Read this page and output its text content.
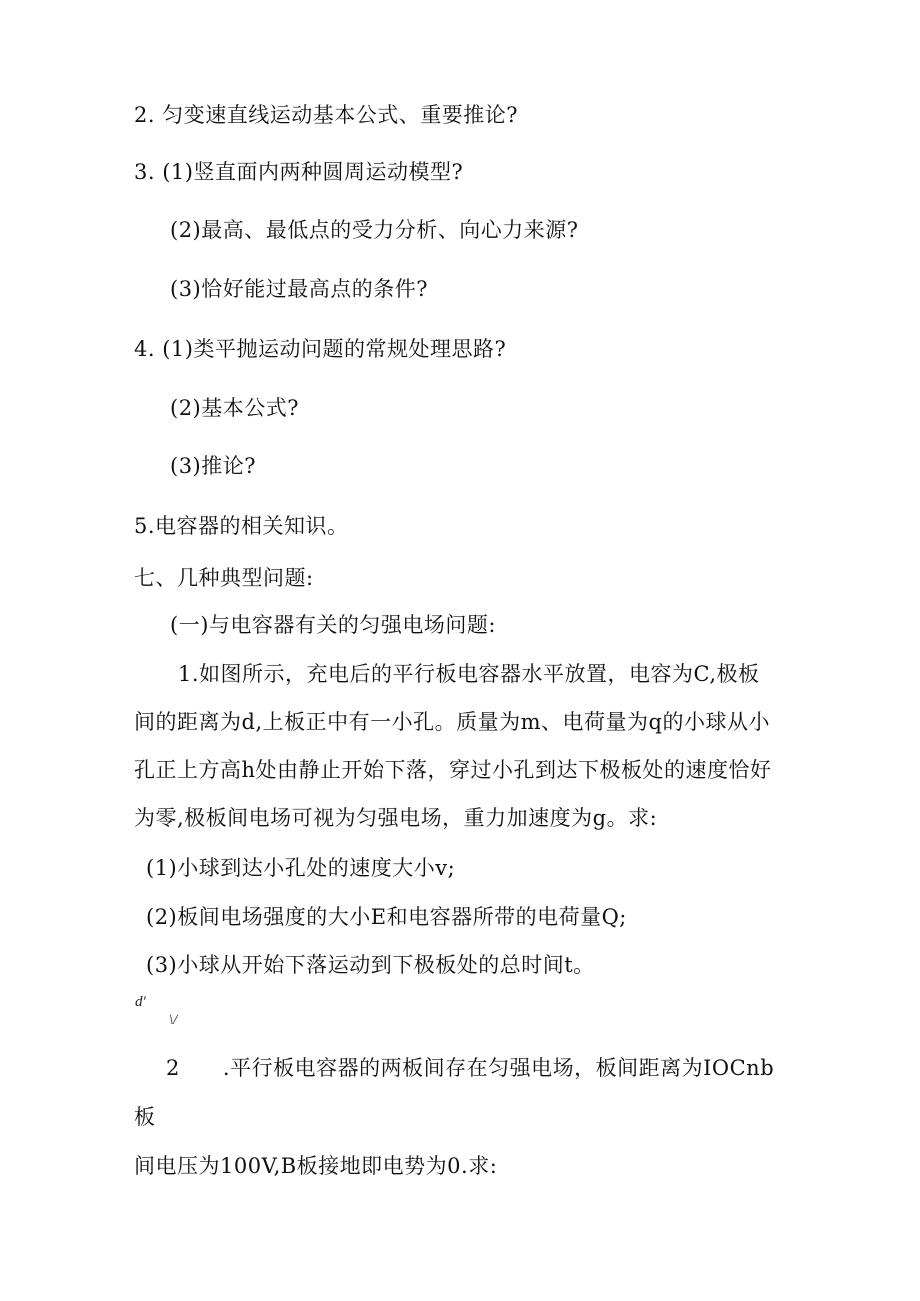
2. 匀变速直线运动基本公式、重要推论?
3. (1)竖直面内两种圆周运动模型?
(2)最高、最低点的受力分析、向心力来源?
(3)恰好能过最高点的条件?
4. (1)类平抛运动问题的常规处理思路?
(2)基本公式?
(3)推论?
5.电容器的相关知识。
七、几种典型问题:
(一)与电容器有关的匀强电场问题:
1.如图所示，充电后的平行板电容器水平放置，电容为C,极板
间的距离为d,上板正中有一小孔。质量为m、电荷量为q的小球从小
孔正上方高h处由静止开始下落，穿过小孔到达下极板处的速度恰好
为零,极板间电场可视为匀强电场，重力加速度为g。求:
(1)小球到达小孔处的速度大小v;
(2)板间电场强度的大小E和电容器所带的电荷量Q;
(3)小球从开始下落运动到下极板处的总时间t。
d'
\/
2      .平行板电容器的两板间存在匀强电场，板间距离为IOCnb
板
间电压为100V,B板接地即电势为0.求:
